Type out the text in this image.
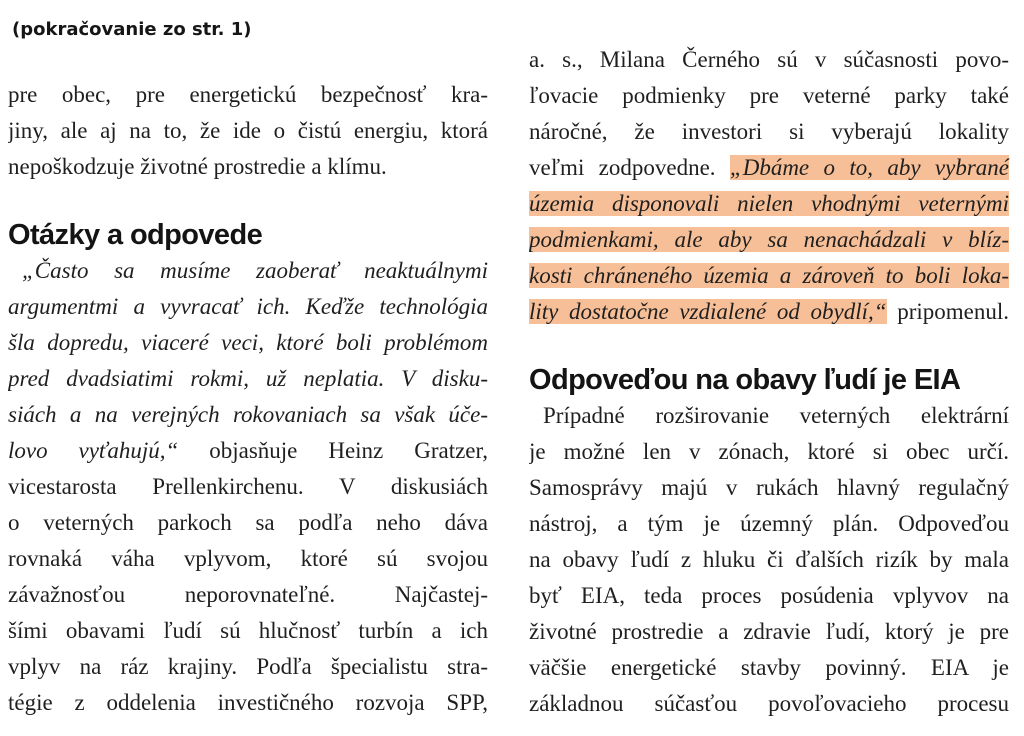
(pokračovanie zo str. 1)
pre obec, pre energetickú bezpečnosť kra-
jiny, ale aj na to, že ide o čistú energiu, ktorá
nepoškodzuje životné prostredie a klímu.
Otázky a odpovede
„Často sa musíme zaoberať neaktuálnymi
argumentmi a vyvracať ich. Keďže technológia
šla dopredu, viaceré veci, ktoré boli problémom
pred dvadsiatimi rokmi, už neplatia. V disku-
siách a na verejných rokovaniach sa však úče-
lovo vyťahujú,“ objasňuje Heinz Gratzer,
vicestarosta Prellenkirchenu. V diskusiách
o veterných parkoch sa podľa neho dáva
rovnaká váha vplyvom, ktoré sú svojou
závažnosťou neporovnateľné. Najčastej-
šími obavami ľudí sú hlučnosť turbín a ich
vplyv na ráz krajiny. Podľa špecialistu stra-
tégie z oddelenia investičného rozvoja SPP,
a. s., Milana Černého sú v súčasnosti povo-
ľovacie podmienky pre veterné parky také
náročné, že investori si vyberajú lokality
veľmi zodpovedne. „Dbáme o to, aby vybrané
územia disponovali nielen vhodnými veternými
podmienkami, ale aby sa nenachádzali v blíz-
kosti chráneného územia a zároveň to boli loka-
lity dostatočne vzdialené od obydlí,“ pripomenul.
Odpoveďou na obavy ľudí je EIA
Prípadné rozširovanie veterných elektrární
je možné len v zónach, ktoré si obec určí.
Samosprávy majú v rukách hlavný regulačný
nástroj, a tým je územný plán. Odpoveďou
na obavy ľudí z hluku či ďalších rizík by mala
byť EIA, teda proces posúdenia vplyvov na
životné prostredie a zdravie ľudí, ktorý je pre
väčšie energetické stavby povinný. EIA je
základnou súčasťou povoľovacieho procesu
